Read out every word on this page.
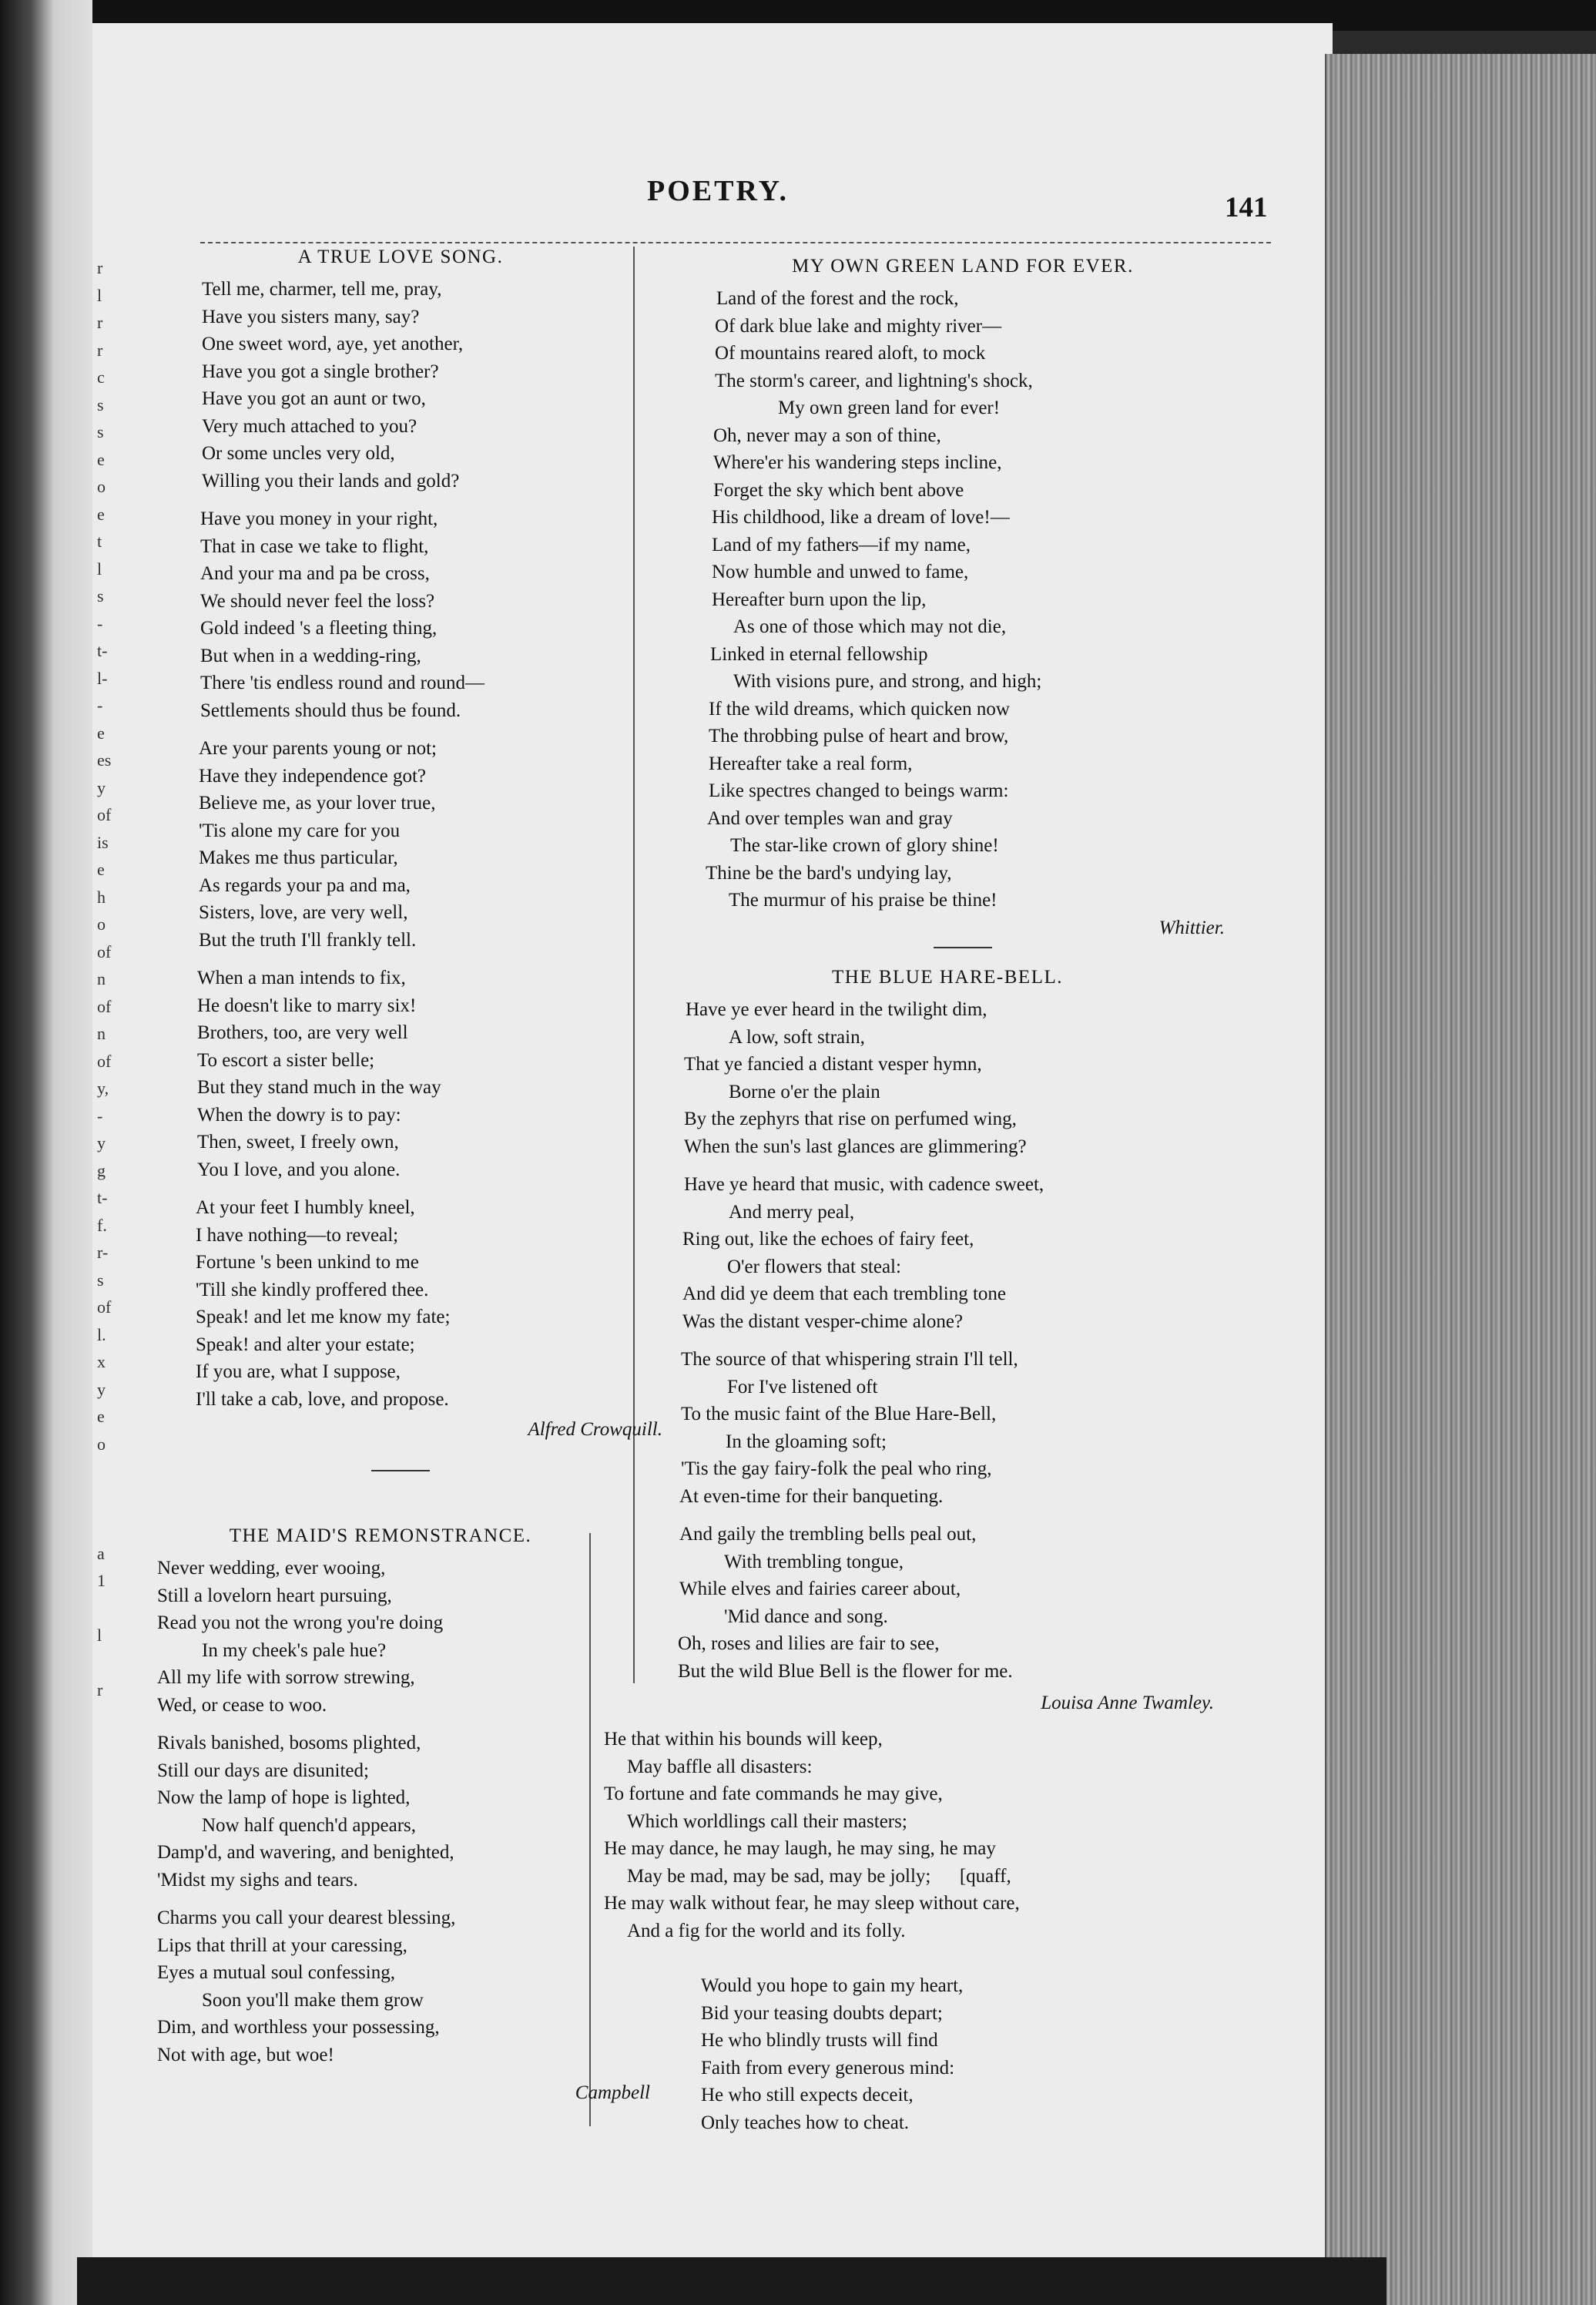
r
l
r
r
c
s
s
e
o
e
t
l
s
-
t-
l-
-
e
es
y
of
is
e
h
o
of
n
of
n
of
y,
-
y
g
t-
f.
r-
s
of
l.
x
y
e
o
a
1
l
r
POETRY.
141
A TRUE LOVE SONG.
Tell me, charmer, tell me, pray,
Have you sisters many, say?
One sweet word, aye, yet another,
Have you got a single brother?
Have you got an aunt or two,
Very much attached to you?
Or some uncles very old,
Willing you their lands and gold?
Have you money in your right,
That in case we take to flight,
And your ma and pa be cross,
We should never feel the loss?
Gold indeed 's a fleeting thing,
But when in a wedding-ring,
There 'tis endless round and round—
Settlements should thus be found.
Are your parents young or not;
Have they independence got?
Believe me, as your lover true,
'Tis alone my care for you
Makes me thus particular,
As regards your pa and ma,
Sisters, love, are very well,
But the truth I'll frankly tell.
When a man intends to fix,
He doesn't like to marry six!
Brothers, too, are very well
To escort a sister belle;
But they stand much in the way
When the dowry is to pay:
Then, sweet, I freely own,
You I love, and you alone.
At your feet I humbly kneel,
I have nothing—to reveal;
Fortune 's been unkind to me
'Till she kindly proffered thee.
Speak! and let me know my fate;
Speak! and alter your estate;
If you are, what I suppose,
I'll take a cab, love, and propose.
Alfred Crowquill.
THE MAID'S REMONSTRANCE.
Never wedding, ever wooing,
Still a lovelorn heart pursuing,
Read you not the wrong you're doing
In my cheek's pale hue?
All my life with sorrow strewing,
Wed, or cease to woo.
Rivals banished, bosoms plighted,
Still our days are disunited;
Now the lamp of hope is lighted,
Now half quench'd appears,
Damp'd, and wavering, and benighted,
'Midst my sighs and tears.
Charms you call your dearest blessing,
Lips that thrill at your caressing,
Eyes a mutual soul confessing,
Soon you'll make them grow
Dim, and worthless your possessing,
Not with age, but woe!
Campbell
MY OWN GREEN LAND FOR EVER.
Land of the forest and the rock,
Of dark blue lake and mighty river—
Of mountains reared aloft, to mock
The storm's career, and lightning's shock,
My own green land for ever!
Oh, never may a son of thine,
Where'er his wandering steps incline,
Forget the sky which bent above
His childhood, like a dream of love!—
Land of my fathers—if my name,
Now humble and unwed to fame,
Hereafter burn upon the lip,
As one of those which may not die,
Linked in eternal fellowship
With visions pure, and strong, and high;
If the wild dreams, which quicken now
The throbbing pulse of heart and brow,
Hereafter take a real form,
Like spectres changed to beings warm:
And over temples wan and gray
The star-like crown of glory shine!
Thine be the bard's undying lay,
The murmur of his praise be thine!
Whittier.
THE BLUE HARE-BELL.
Have ye ever heard in the twilight dim,
A low, soft strain,
That ye fancied a distant vesper hymn,
Borne o'er the plain
By the zephyrs that rise on perfumed wing,
When the sun's last glances are glimmering?
Have ye heard that music, with cadence sweet,
And merry peal,
Ring out, like the echoes of fairy feet,
O'er flowers that steal:
And did ye deem that each trembling tone
Was the distant vesper-chime alone?
The source of that whispering strain I'll tell,
For I've listened oft
To the music faint of the Blue Hare-Bell,
In the gloaming soft;
'Tis the gay fairy-folk the peal who ring,
At even-time for their banqueting.
And gaily the trembling bells peal out,
With trembling tongue,
While elves and fairies career about,
'Mid dance and song.
Oh, roses and lilies are fair to see,
But the wild Blue Bell is the flower for me.
Louisa Anne Twamley.
He that within his bounds will keep,
May baffle all disasters:
To fortune and fate commands he may give,
Which worldlings call their masters;
He may dance, he may laugh, he may sing, he may
May be mad, may be sad, may be jolly;      [quaff,
He may walk without fear, he may sleep without care,
And a fig for the world and its folly.
Would you hope to gain my heart,
Bid your teasing doubts depart;
He who blindly trusts will find
Faith from every generous mind:
He who still expects deceit,
Only teaches how to cheat.
